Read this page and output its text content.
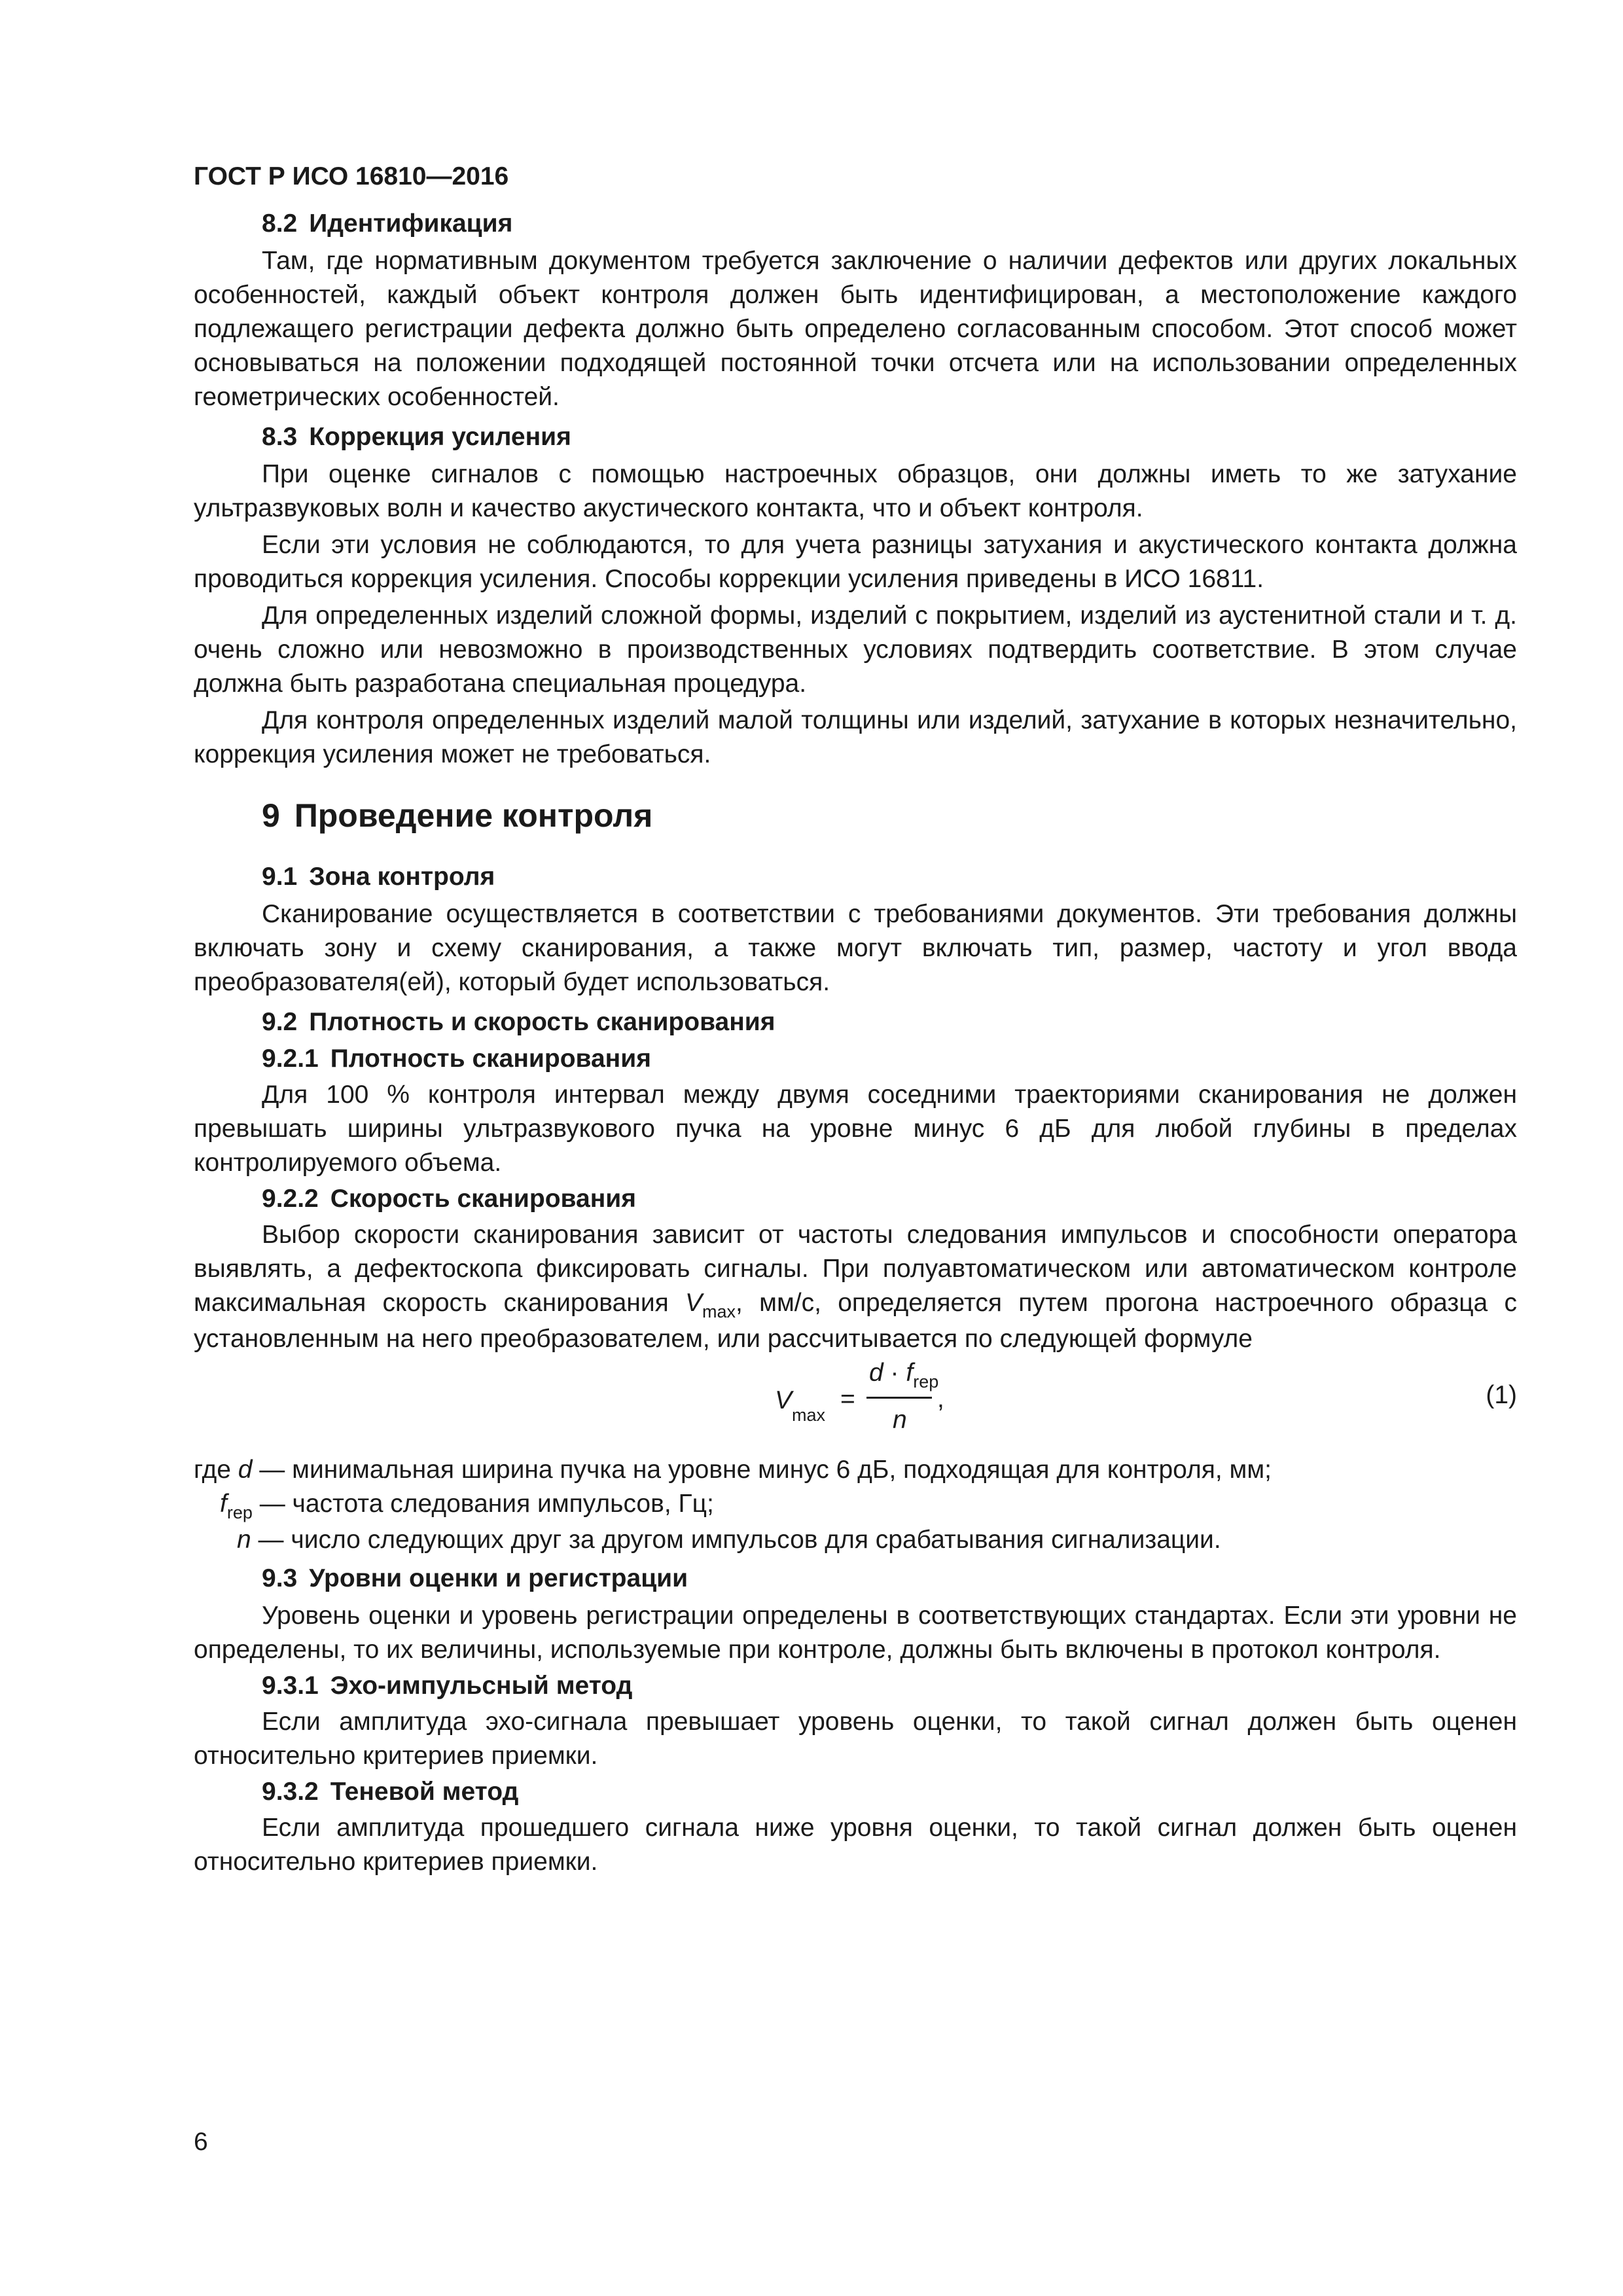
ГОСТ Р ИСО 16810—2016
8.2 Идентификация

Там, где нормативным документом требуется заключение о наличии дефектов или других локальных особенностей, каждый объект контроля должен быть идентифицирован, а местоположение каждого подлежащего регистрации дефекта должно быть определено согласованным способом. Этот способ может основываться на положении подходящей постоянной точки отсчета или на использовании определенных геометрических особенностей.

8.3 Коррекция усиления

При оценке сигналов с помощью настроечных образцов, они должны иметь то же затухание ультразвуковых волн и качество акустического контакта, что и объект контроля.

Если эти условия не соблюдаются, то для учета разницы затухания и акустического контакта должна проводиться коррекция усиления. Способы коррекции усиления приведены в ИСО 16811.

Для определенных изделий сложной формы, изделий с покрытием, изделий из аустенитной стали и т. д. очень сложно или невозможно в производственных условиях подтвердить соответствие. В этом случае должна быть разработана специальная процедура.

Для контроля определенных изделий малой толщины или изделий, затухание в которых незначительно, коррекция усиления может не требоваться.

9 Проведение контроля
9.1 Зона контроля

Сканирование осуществляется в соответствии с требованиями документов. Эти требования должны включать зону и схему сканирования, а также могут включать тип, размер, частоту и угол ввода преобразователя(ей), который будет использоваться.

9.2 Плотность и скорость сканирования
9.2.1 Плотность сканирования

Для 100 % контроля интервал между двумя соседними траекториями сканирования не должен превышать ширины ультразвукового пучка на уровне минус 6 дБ для любой глубины в пределах контролируемого объема.

9.2.2 Скорость сканирования

Выбор скорости сканирования зависит от частоты следования импульсов и способности оператора выявлять, а дефектоскопа фиксировать сигналы. При полуавтоматическом или автоматическом контроле максимальная скорость сканирования $V_{max}$, мм/с, определяется путем прогона настроечного образца с установленным на него преобразователем, или рассчитывается по следующей формуле

$V_{max}$
=
$d \cdot f_{rep}$
n
,	(1)
где d — минимальная ширина пучка на уровне минус 6 дБ, подходящая для контроля, мм;
$f_{rep}$ — частота следования импульсов, Гц;
n — число следующих друг за другом импульсов для срабатывания сигнализации.
9.3 Уровни оценки и регистрации

Уровень оценки и уровень регистрации определены в соответствующих стандартах. Если эти уровни не определены, то их величины, используемые при контроле, должны быть включены в протокол контроля.

9.3.1 Эхо-импульсный метод

Если амплитуда эхо-сигнала превышает уровень оценки, то такой сигнал должен быть оценен относительно критериев приемки.

9.3.2 Теневой метод

Если амплитуда прошедшего сигнала ниже уровня оценки, то такой сигнал должен быть оценен относительно критериев приемки.

6
